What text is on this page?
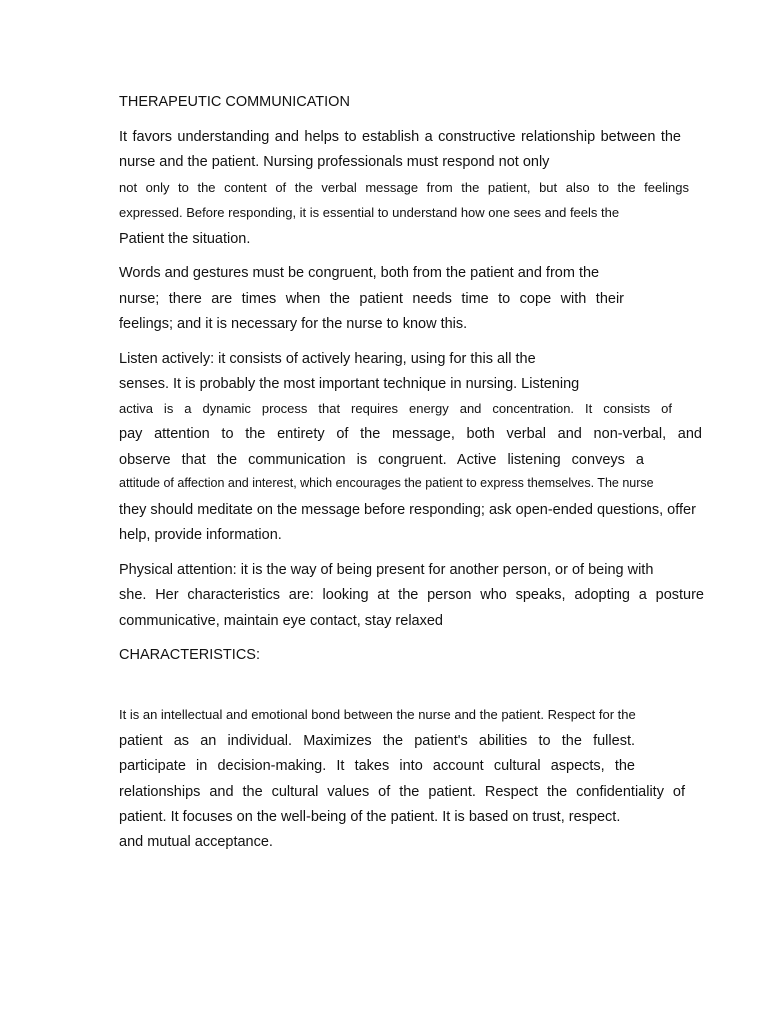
THERAPEUTIC COMMUNICATION
It favors understanding and helps to establish a constructive relationship between the
nurse and the patient. Nursing professionals must respond not only
not only to the content of the verbal message from the patient, but also to the feelings
expressed. Before responding, it is essential to understand how one sees and feels the
Patient the situation.
Words and gestures must be congruent, both from the patient and from the
nurse; there are times when the patient needs time to cope with their
feelings; and it is necessary for the nurse to know this.
Listen actively: it consists of actively hearing, using for this all the
senses. It is probably the most important technique in nursing. Listening
activa is a dynamic process that requires energy and concentration. It consists of
pay attention to the entirety of the message, both verbal and non-verbal, and
observe that the communication is congruent. Active listening conveys a
attitude of affection and interest, which encourages the patient to express themselves. The nurse
they should meditate on the message before responding; ask open-ended questions, offer
help, provide information.
Physical attention: it is the way of being present for another person, or of being with
she. Her characteristics are: looking at the person who speaks, adopting a posture
communicative, maintain eye contact, stay relaxed
CHARACTERISTICS:
It is an intellectual and emotional bond between the nurse and the patient. Respect for the
patient as an individual. Maximizes the patient's abilities to the fullest.
participate in decision-making. It takes into account cultural aspects, the
relationships and the cultural values of the patient. Respect the confidentiality of
patient. It focuses on the well-being of the patient. It is based on trust, respect.
and mutual acceptance.
